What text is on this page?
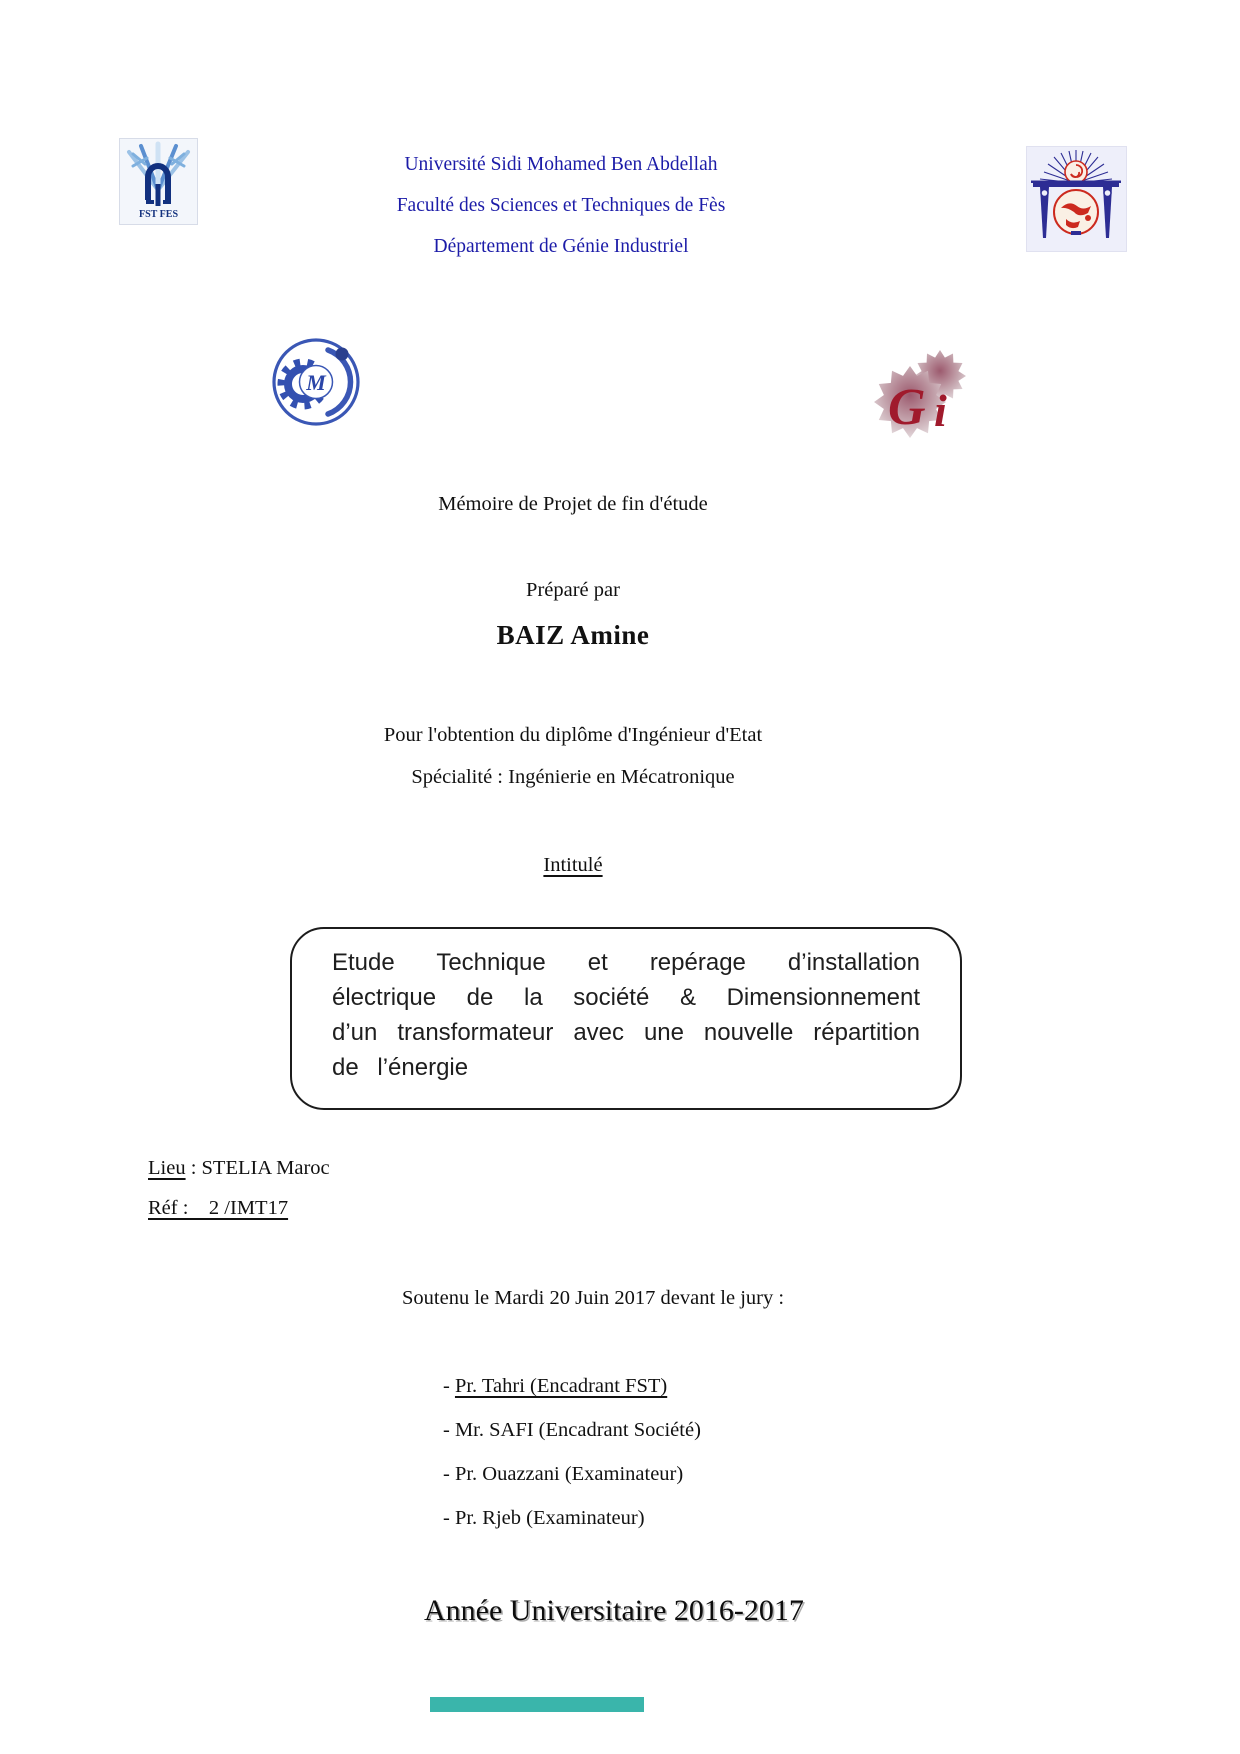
FST FES
Université Sidi Mohamed Ben Abdellah
Faculté des Sciences et Techniques de Fès
Département de Génie Industriel
M	G i
Mémoire de Projet de fin d'étude
Préparé par
BAIZ Amine
Pour l'obtention du diplôme d'Ingénieur d'Etat
Spécialité : Ingénierie en Mécatronique
Intitulé
Etude Technique et repérage d’installation électrique de la société & Dimensionnement d’un transformateur avec une nouvelle répartition de l’énergie
Lieu : STELIA Maroc
Réf :    2 /IMT17
Soutenu le Mardi 20 Juin 2017 devant le jury :
- Pr. Tahri (Encadrant FST)
- Mr. SAFI (Encadrant Société)
- Pr. Ouazzani (Examinateur)
- Pr. Rjeb (Examinateur)
Année Universitaire 2016-2017
